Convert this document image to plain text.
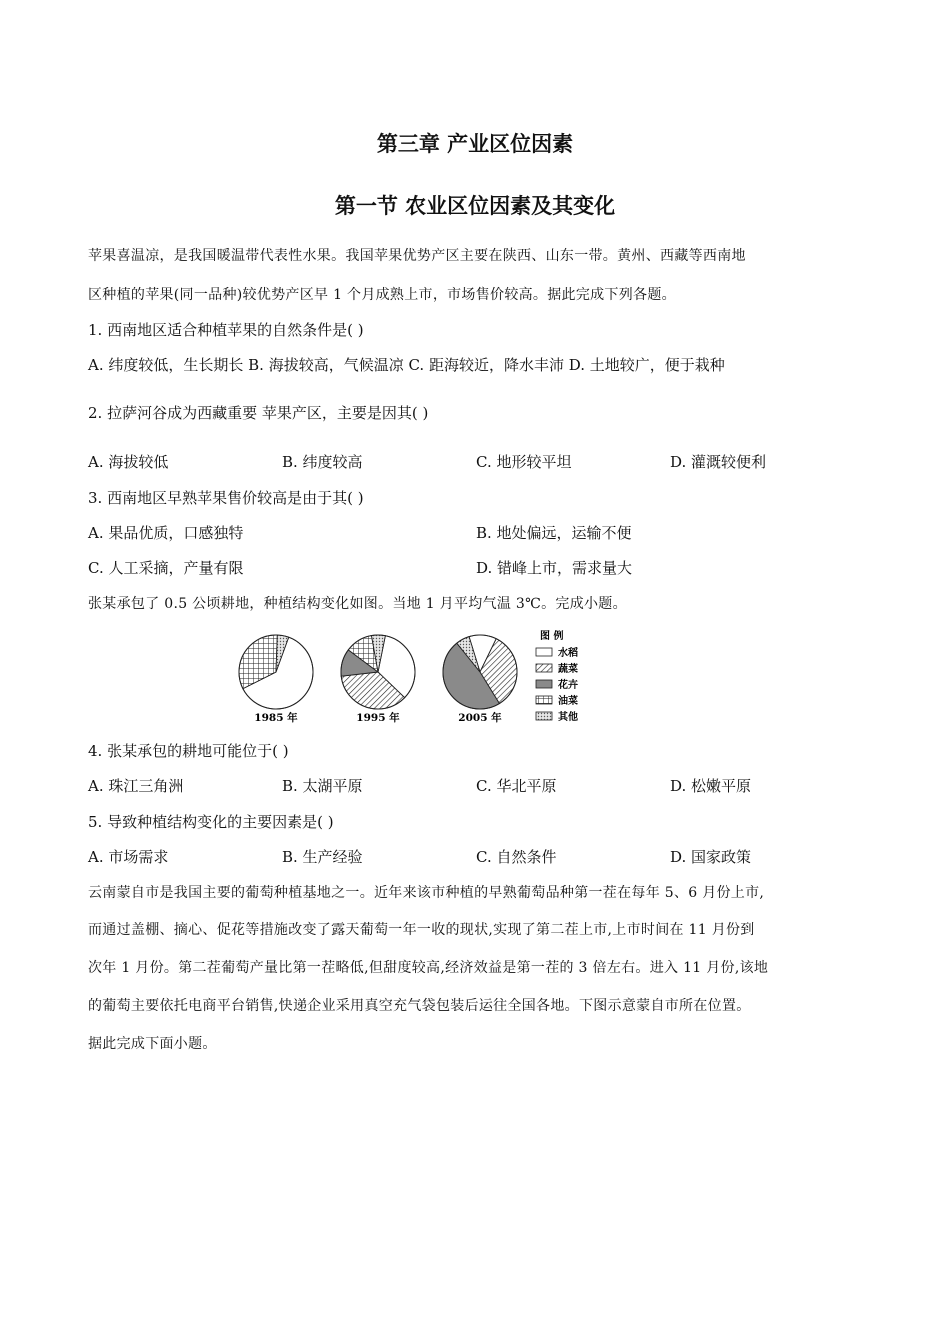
第三章 产业区位因素
第一节 农业区位因素及其变化
苹果喜温凉，是我国暖温带代表性水果。我国苹果优势产区主要在陕西、山东一带。黄州、西藏等西南地
区种植的苹果(同一品种)较优势产区早 1 个月成熟上市，市场售价较高。据此完成下列各题。
1. 西南地区适合种植苹果的自然条件是( )
A. 纬度较低，生长期长 B. 海拔较高，气候温凉 C. 距海较近，降水丰沛 D. 土地较广，便于栽种
2. 拉萨河谷成为西藏重要 苹果产区，主要是因其( )
A. 海拔较低	B. 纬度较高	C. 地形较平坦	D. 灌溉较便利
3. 西南地区早熟苹果售价较高是由于其( )
A. 果品优质，口感独特	B. 地处偏远，运输不便
C. 人工采摘，产量有限	D. 错峰上市，需求量大
张某承包了 0.5 公顷耕地，种植结构变化如图。当地 1 月平均气温 3℃。完成小题。
1985 年	1995 年	2005 年
图 例
水稻
蔬菜
花卉
油菜
其他
4. 张某承包的耕地可能位于( )
A. 珠江三角洲	B. 太湖平原	C. 华北平原	D. 松嫩平原
5. 导致种植结构变化的主要因素是( )
A. 市场需求	B. 生产经验	C. 自然条件	D. 国家政策
云南蒙自市是我国主要的葡萄种植基地之一。近年来该市种植的早熟葡萄品种第一茬在每年 5、6 月份上市,
而通过盖棚、摘心、促花等措施改变了露天葡萄一年一收的现状,实现了第二茬上市,上市时间在 11 月份到
次年 1 月份。第二茬葡萄产量比第一茬略低,但甜度较高,经济效益是第一茬的 3 倍左右。进入 11 月份,该地
的葡萄主要依托电商平台销售,快递企业采用真空充气袋包装后运往全国各地。下图示意蒙自市所在位置。
据此完成下面小题。
